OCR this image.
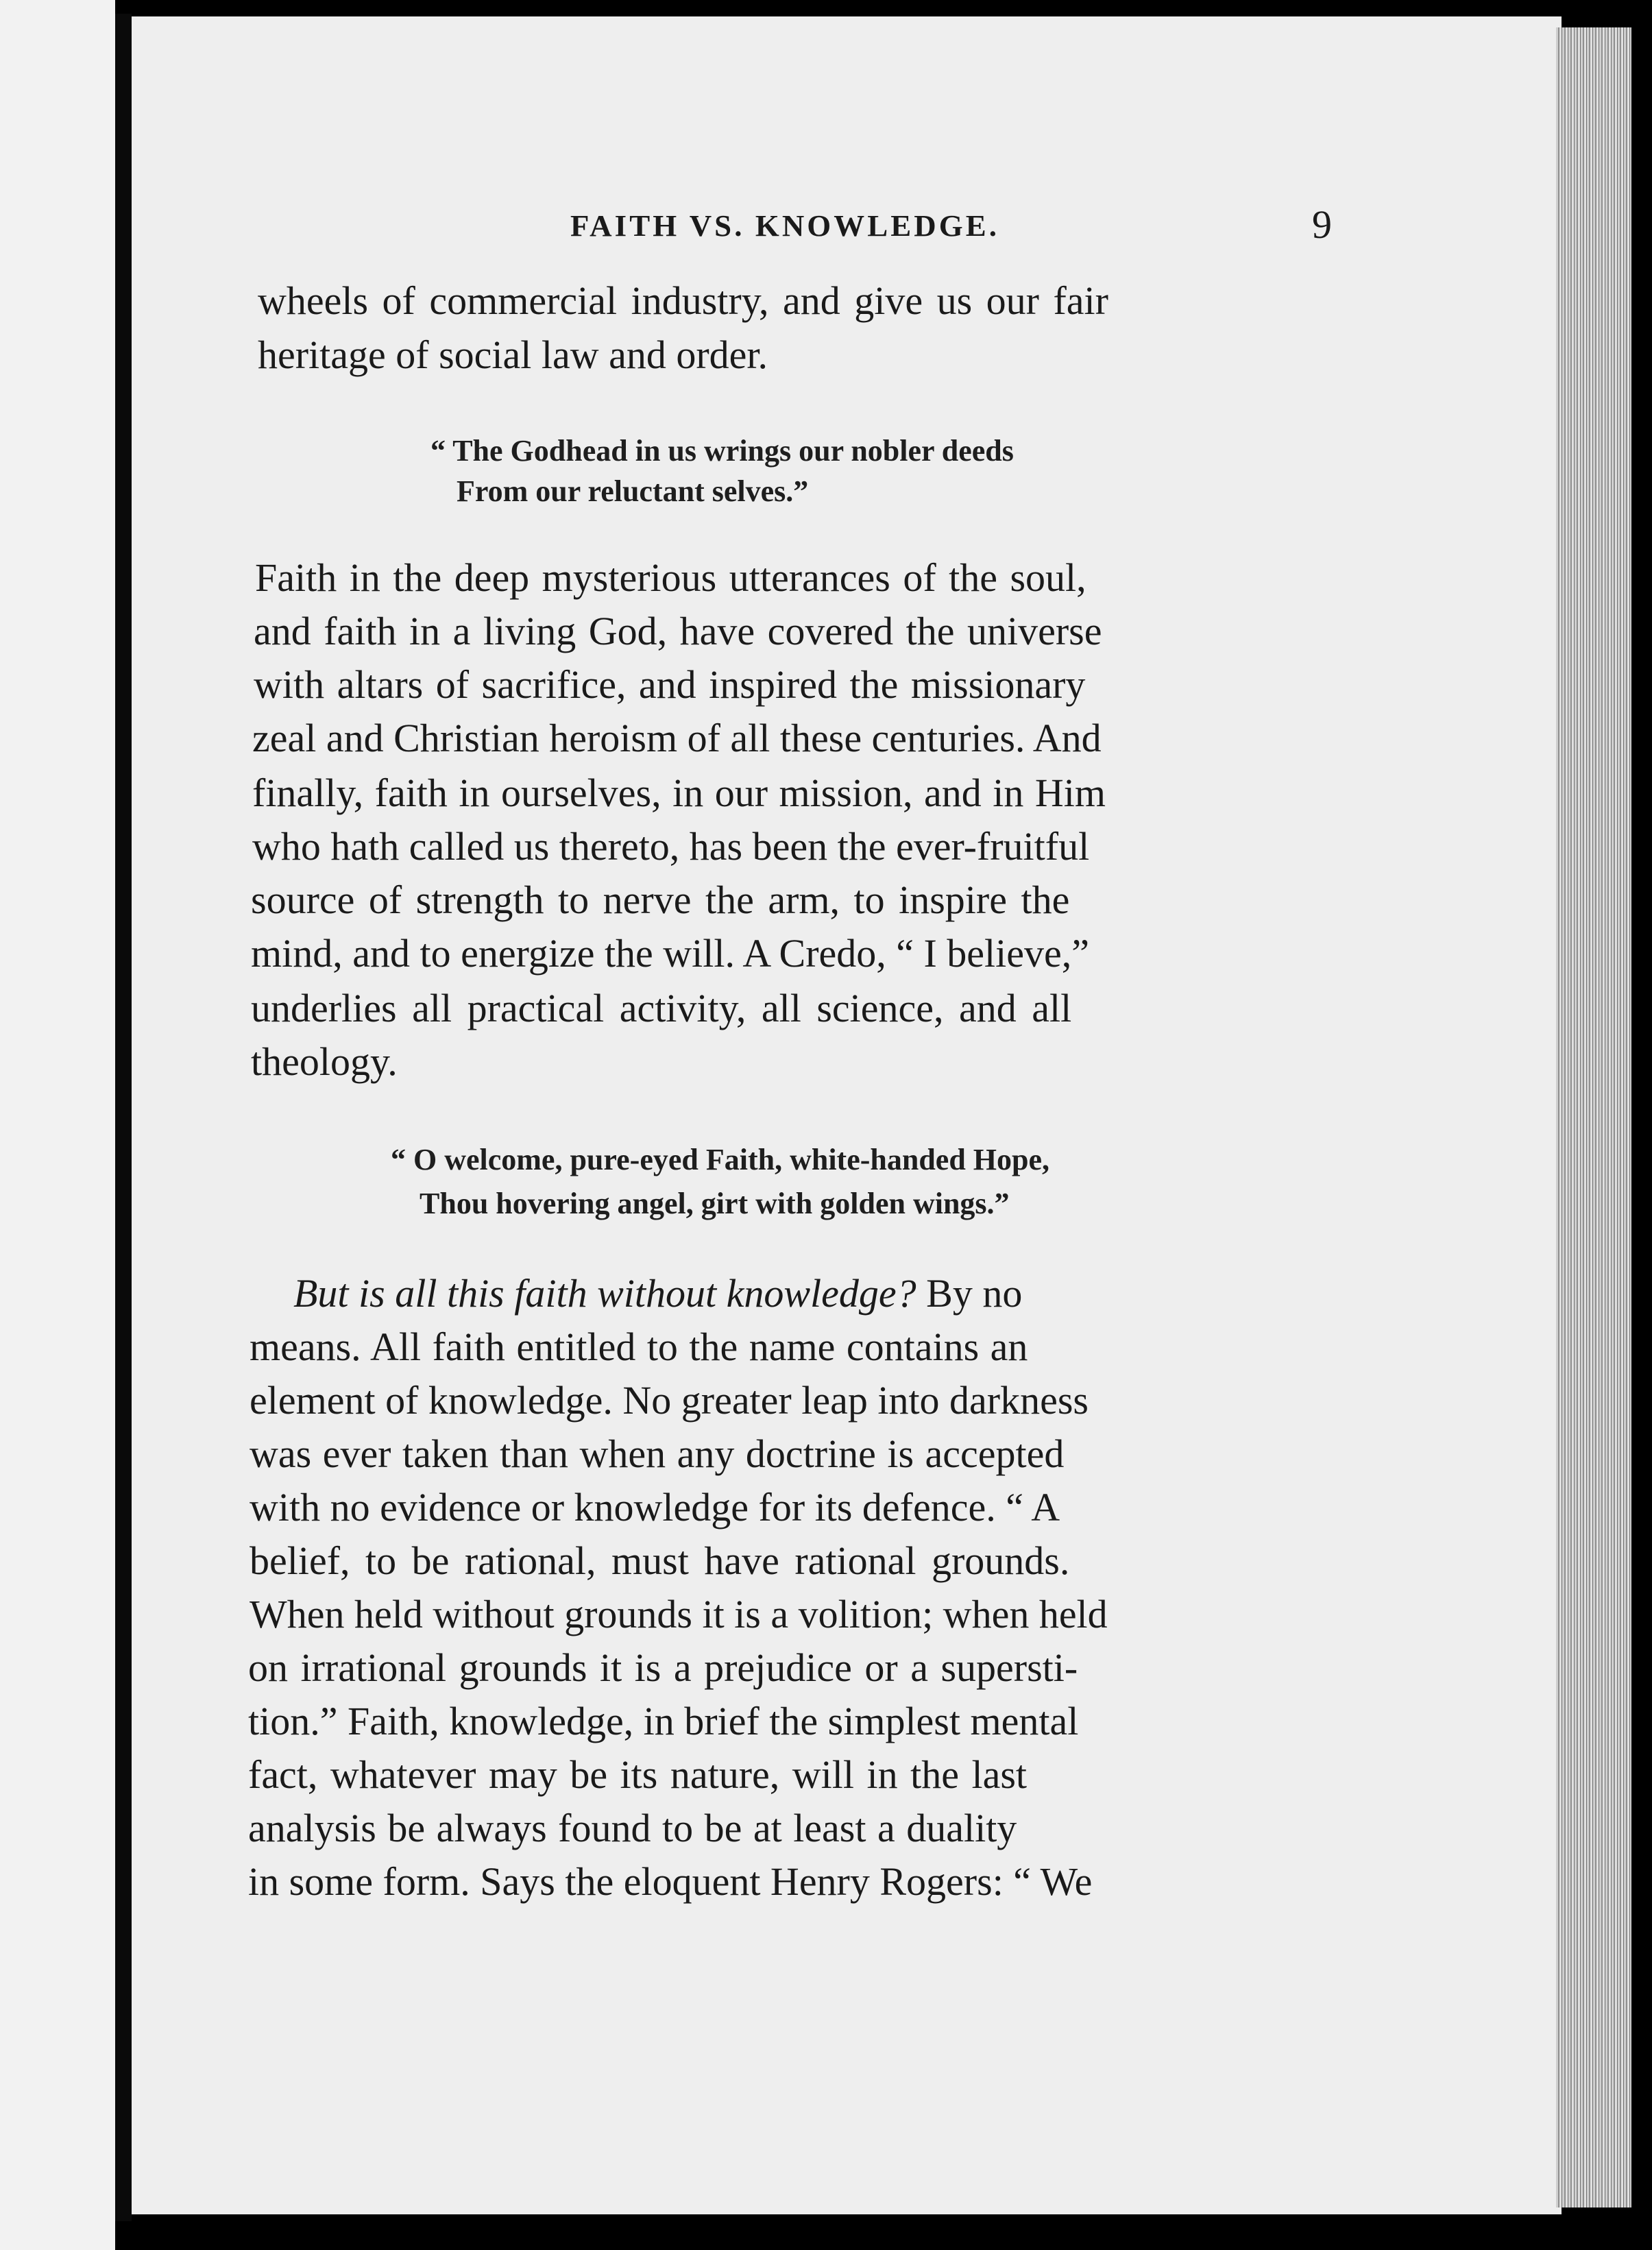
FAITH VS. KNOWLEDGE.	9
wheels of commercial industry, and give us our fair
heritage of social law and order.
“ The Godhead in us wrings our nobler deeds
From our reluctant selves.”
Faith in the deep mysterious utterances of the soul,
and faith in a living God, have covered the universe
with altars of sacrifice, and inspired the missionary
zeal and Christian heroism of all these centuries. And
finally, faith in ourselves, in our mission, and in Him
who hath called us thereto, has been the ever-fruitful
source of strength to nerve the arm, to inspire the
mind, and to energize the will. A Credo, “ I believe,”
underlies all practical activity, all science, and all
theology.
“ O welcome, pure-eyed Faith, white-handed Hope,
Thou hovering angel, girt with golden wings.”
But is all this faith without knowledge? By no
means. All faith entitled to the name contains an
element of knowledge. No greater leap into darkness
was ever taken than when any doctrine is accepted
with no evidence or knowledge for its defence. “ A
belief, to be rational, must have rational grounds.
When held without grounds it is a volition; when held
on irrational grounds it is a prejudice or a supersti-
tion.” Faith, knowledge, in brief the simplest mental
fact, whatever may be its nature, will in the last
analysis be always found to be at least a duality
in some form. Says the eloquent Henry Rogers: “ We
